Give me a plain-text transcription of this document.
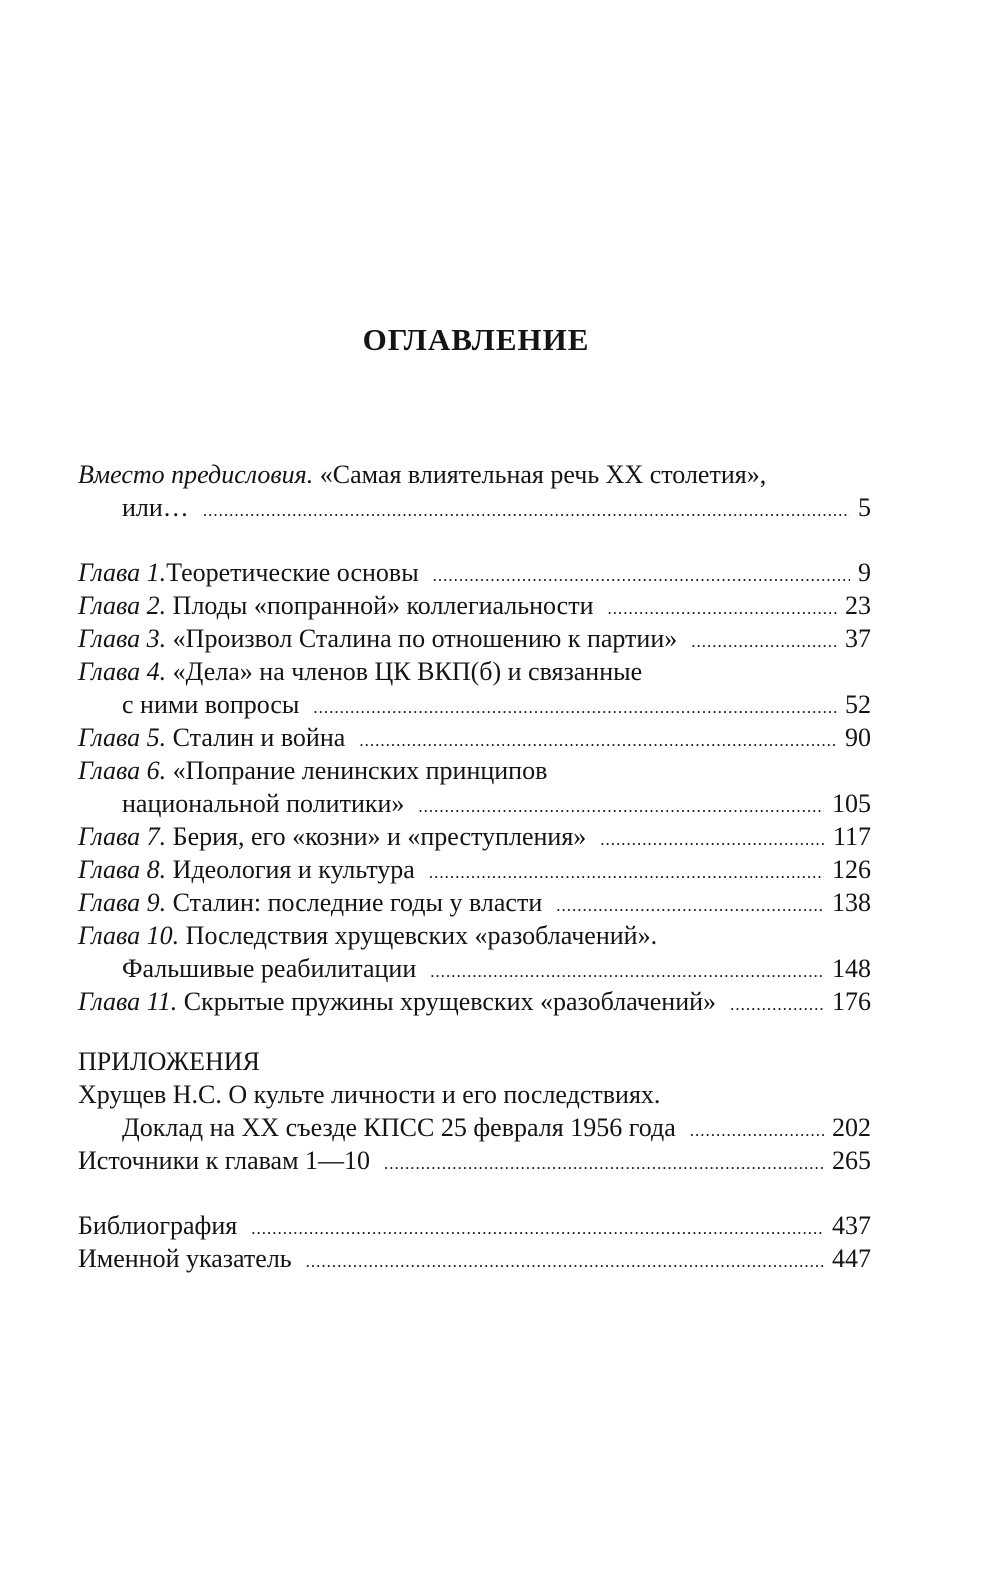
ОГЛАВЛЕНИЕ
Вместо предисловия.
«Самая влиятельная речь XX столетия»,
или… .....	5
Глава 1. Теоретические основы .....	9
Глава 2.
Плоды «попранной» коллегиальности .....	23
Глава 3.
«Произвол Сталина по отношению к партии» .....	37
Глава 4.
«Дела» на членов ЦК ВКП(б) и связанные
с ними вопросы .....	52
Глава 5.
Сталин и война .....	90
Глава 6.
«Попрание ленинских принципов
национальной политики» .....	105
Глава 7.
Берия, его «козни» и «преступления» .....	117
Глава 8.
Идеология и культура .....	126
Глава 9.
Сталин: последние годы у власти .....	138
Глава 10.
Последствия хрущевских «разоблачений».
Фальшивые реабилитации .....	148
Глава 11.
Скрытые пружины хрущевских «разоблачений» .....	176
ПРИЛОЖЕНИЯ
Хрущев Н.С. О культе личности и его последствиях.
Доклад на XX съезде КПСС 25 февраля 1956 года .....	202
Источники к главам 1—10 .....	265
Библиография .....	437
Именной указатель .....	447
